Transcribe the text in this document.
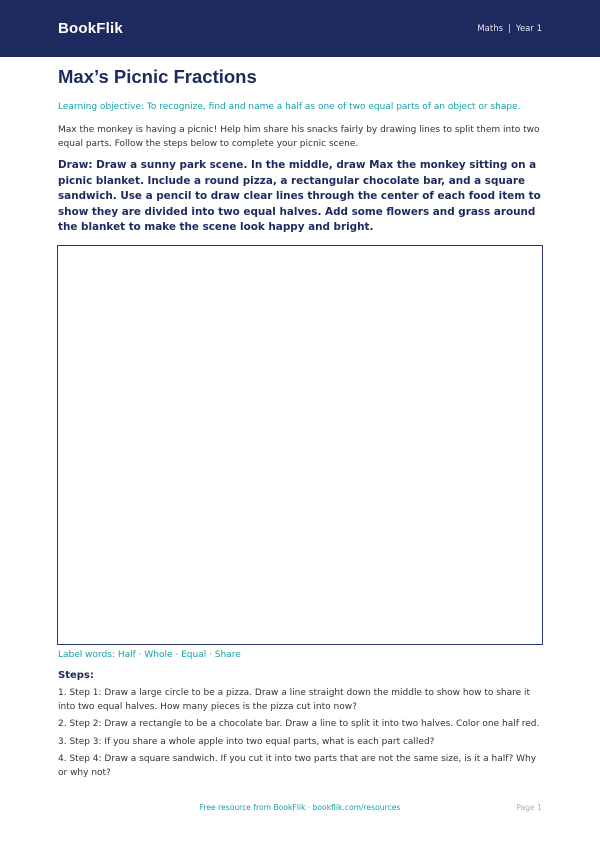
BookFlik	Maths | Year 1
Max’s Picnic Fractions
Learning objective: To recognize, find and name a half as one of two equal parts of an object or shape.
Max the monkey is having a picnic! Help him share his snacks fairly by drawing lines to split them into two equal parts. Follow the steps below to complete your picnic scene.
Draw: Draw a sunny park scene. In the middle, draw Max the monkey sitting on a picnic blanket. Include a round pizza, a rectangular chocolate bar, and a square sandwich. Use a pencil to draw clear lines through the center of each food item to show they are divided into two equal halves. Add some flowers and grass around the blanket to make the scene look happy and bright.
Label words: Half · Whole · Equal · Share
Steps:
1. Step 1: Draw a large circle to be a pizza. Draw a line straight down the middle to show how to share it into two equal halves. How many pieces is the pizza cut into now?
2. Step 2: Draw a rectangle to be a chocolate bar. Draw a line to split it into two halves. Color one half red.
3. Step 3: If you share a whole apple into two equal parts, what is each part called?
4. Step 4: Draw a square sandwich. If you cut it into two parts that are not the same size, is it a half? Why or why not?
Free resource from BookFlik · bookflik.com/resources	Page 1
